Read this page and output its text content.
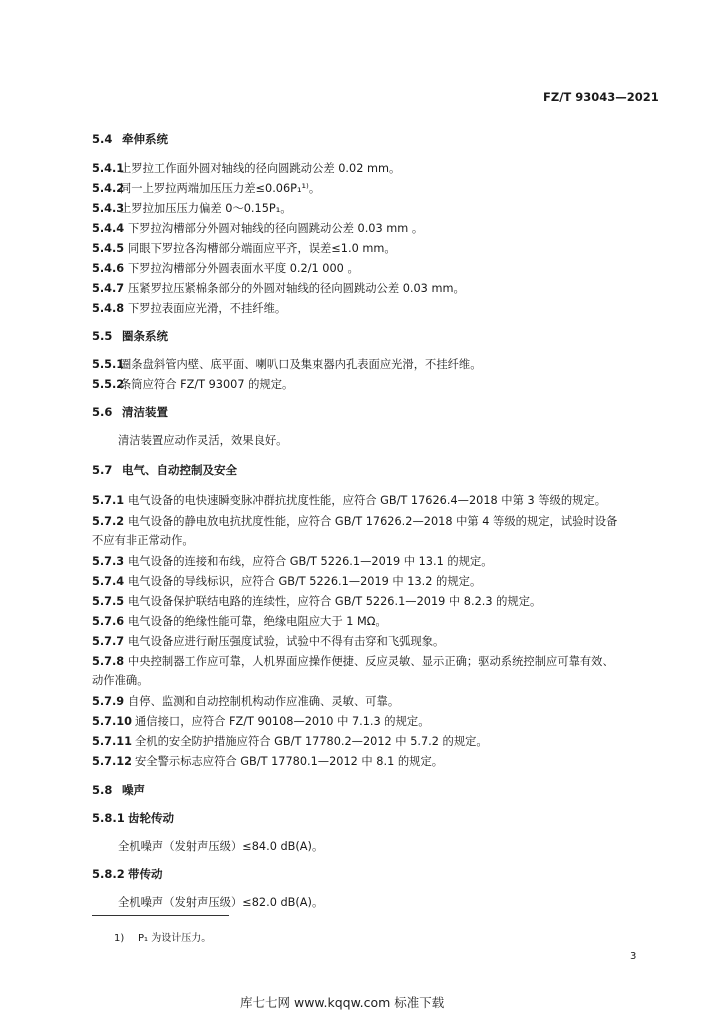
FZ/T 93043—2021
5.4 牵伸系统
5.4.1上罗拉工作面外圆对轴线的径向圆跳动公差 0.02 mm。
5.4.2同一上罗拉两端加压压力差≤0.06P₁¹⁾。
5.4.3上罗拉加压压力偏差 0～0.15P₁。
5.4.4 下罗拉沟槽部分外圆对轴线的径向圆跳动公差 0.03 mm 。
5.4.5 同眼下罗拉各沟槽部分端面应平齐，误差≤1.0 mm。
5.4.6 下罗拉沟槽部分外圆表面水平度 0.2/1 000 。
5.4.7 压紧罗拉压紧棉条部分的外圆对轴线的径向圆跳动公差 0.03 mm。
5.4.8 下罗拉表面应光滑，不挂纤维。
5.5 圈条系统
5.5.1圈条盘斜管内壁、底平面、喇叭口及集束器内孔表面应光滑，不挂纤维。
5.5.2条筒应符合 FZ/T 93007 的规定。
5.6 清洁装置
清洁装置应动作灵活，效果良好。
5.7 电气、自动控制及安全
5.7.1 电气设备的电快速瞬变脉冲群抗扰度性能，应符合 GB/T 17626.4—2018 中第 3 等级的规定。
5.7.2 电气设备的静电放电抗扰度性能，应符合 GB/T 17626.2—2018 中第 4 等级的规定，试验时设备
不应有非正常动作。
5.7.3 电气设备的连接和布线，应符合 GB/T 5226.1—2019 中 13.1 的规定。
5.7.4 电气设备的导线标识，应符合 GB/T 5226.1—2019 中 13.2 的规定。
5.7.5 电气设备保护联结电路的连续性，应符合 GB/T 5226.1—2019 中 8.2.3 的规定。
5.7.6 电气设备的绝缘性能可靠，绝缘电阻应大于 1 MΩ。
5.7.7 电气设备应进行耐压强度试验，试验中不得有击穿和飞弧现象。
5.7.8 中央控制器工作应可靠，人机界面应操作便捷、反应灵敏、显示正确；驱动系统控制应可靠有效、
动作准确。
5.7.9 自停、监测和自动控制机构动作应准确、灵敏、可靠。
5.7.10 通信接口，应符合 FZ/T 90108—2010 中 7.1.3 的规定。
5.7.11 全机的安全防护措施应符合 GB/T 17780.2—2012 中 5.7.2 的规定。
5.7.12 安全警示标志应符合 GB/T 17780.1—2012 中 8.1 的规定。
5.8 噪声
5.8.1 齿轮传动
全机噪声（发射声压级）≤84.0 dB(A)。
5.8.2 带传动
全机噪声（发射声压级）≤82.0 dB(A)。
1) P₁ 为设计压力。
3
库七七网 www.kqqw.com 标准下载
